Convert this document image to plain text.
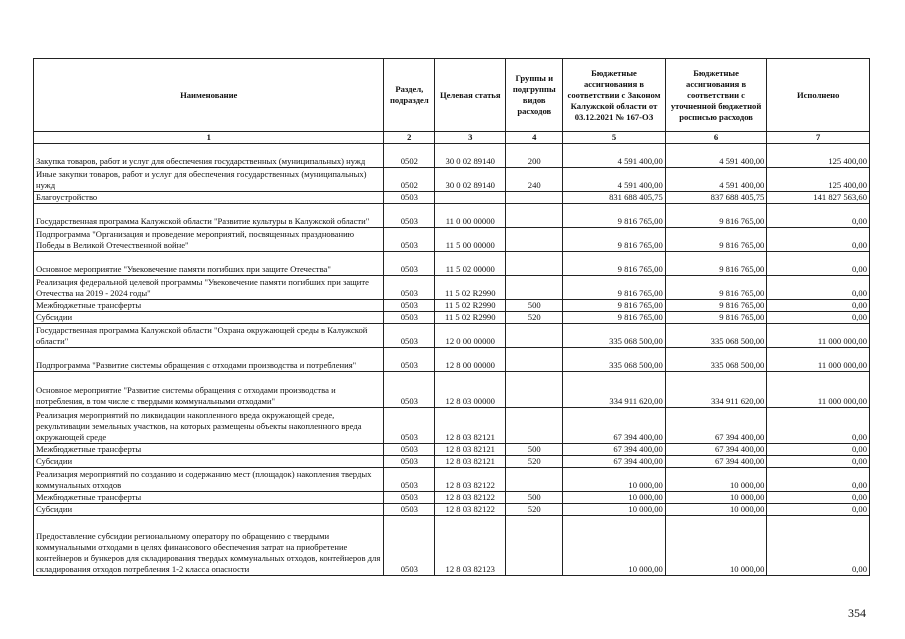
Наименование	Раздел, подраздел	Целевая статья	Группы и подгруппы видов расходов	Бюджетные ассигнования в соответствии с Законом Калужской области от 03.12.2021 № 167-ОЗ	Бюджетные ассигнования в соответствии с уточненной бюджетной росписью расходов	Исполнено
1	2	3	4	5	6	7
Закупка товаров, работ и услуг для обеспечения государственных (муниципальных) нужд	0502	30 0 02 89140	200	4 591 400,00	4 591 400,00	125 400,00
Иные закупки товаров, работ и услуг для обеспечения государственных (муниципальных) нужд	0502	30 0 02 89140	240	4 591 400,00	4 591 400,00	125 400,00
Благоустройство	0503			831 688 405,75	837 688 405,75	141 827 563,60
Государственная программа Калужской области "Развитие культуры в Калужской области"	0503	11 0 00 00000		9 816 765,00	9 816 765,00	0,00
Подпрограмма "Организация и проведение мероприятий, посвященных празднованию Победы в Великой Отечественной войне"	0503	11 5 00 00000		9 816 765,00	9 816 765,00	0,00
Основное мероприятие "Увековечение памяти погибших при защите Отечества"	0503	11 5 02 00000		9 816 765,00	9 816 765,00	0,00
Реализация федеральной целевой программы "Увековечение памяти погибших при защите Отечества на 2019 - 2024 годы"	0503	11 5 02 R2990		9 816 765,00	9 816 765,00	0,00
Межбюджетные трансферты	0503	11 5 02 R2990	500	9 816 765,00	9 816 765,00	0,00
Субсидии	0503	11 5 02 R2990	520	9 816 765,00	9 816 765,00	0,00
Государственная программа Калужской области "Охрана окружающей среды в Калужской области"	0503	12 0 00 00000		335 068 500,00	335 068 500,00	11 000 000,00
Подпрограмма "Развитие системы обращения с отходами производства и потребления"	0503	12 8 00 00000		335 068 500,00	335 068 500,00	11 000 000,00
Основное мероприятие "Развитие системы обращения с отходами производства и потребления, в том числе с твердыми коммунальными отходами"	0503	12 8 03 00000		334 911 620,00	334 911 620,00	11 000 000,00
Реализация мероприятий по ликвидации накопленного вреда окружающей среде, рекультивации земельных участков, на которых размещены объекты накопленного вреда окружающей среде	0503	12 8 03 82121		67 394 400,00	67 394 400,00	0,00
Межбюджетные трансферты	0503	12 8 03 82121	500	67 394 400,00	67 394 400,00	0,00
Субсидии	0503	12 8 03 82121	520	67 394 400,00	67 394 400,00	0,00
Реализация мероприятий по созданию и содержанию мест (площадок) накопления твердых коммунальных отходов	0503	12 8 03 82122		10 000,00	10 000,00	0,00
Межбюджетные трансферты	0503	12 8 03 82122	500	10 000,00	10 000,00	0,00
Субсидии	0503	12 8 03 82122	520	10 000,00	10 000,00	0,00
Предоставление субсидии региональному оператору по обращению с твердыми коммунальными отходами в целях финансового обеспечения затрат на приобретение контейнеров и бункеров для складирования твердых коммунальных отходов, контейнеров для складирования отходов потребления 1-2 класса опасности	0503	12 8 03 82123		10 000,00	10 000,00	0,00
354
